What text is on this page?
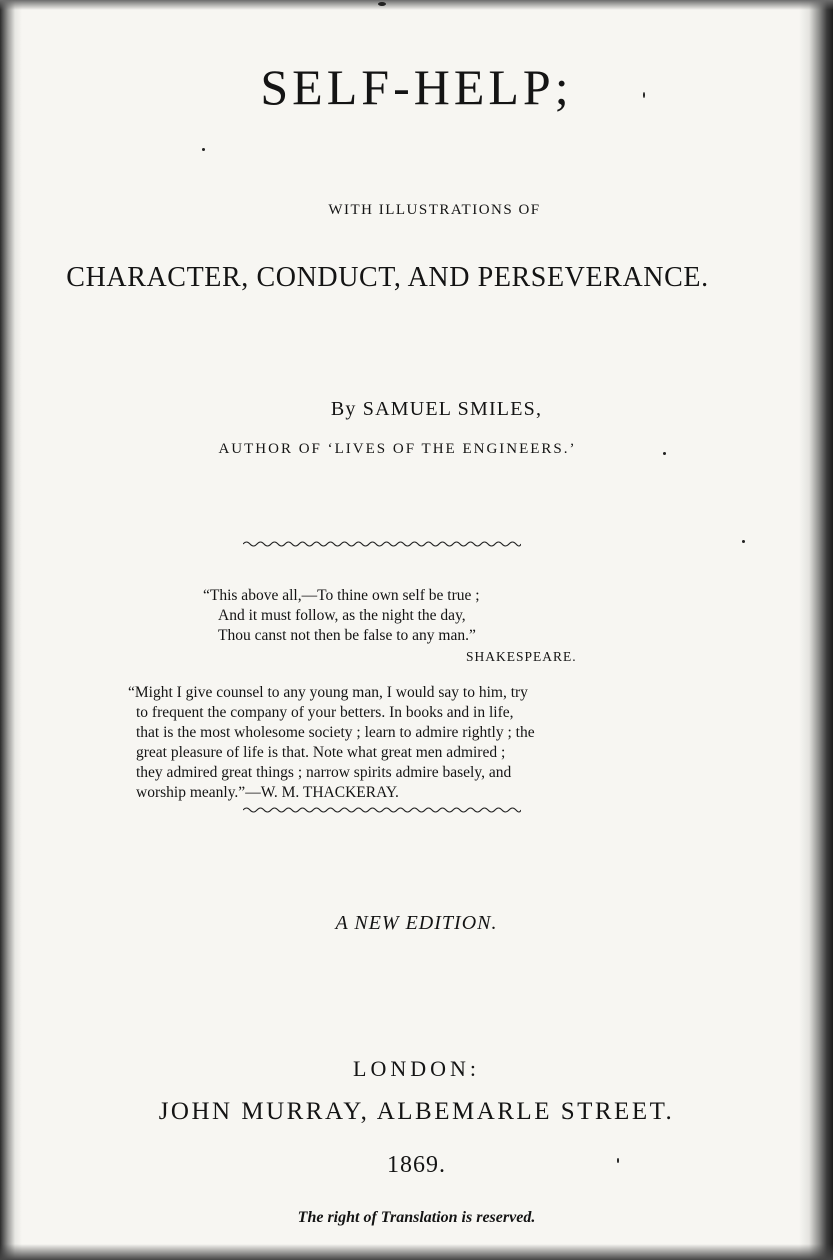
SELF-HELP;

WITH ILLUSTRATIONS OF

CHARACTER, CONDUCT, AND PERSEVERANCE.

By SAMUEL SMILES,

AUTHOR OF ‘LIVES OF THE ENGINEERS.’

“This above all,—To thine own self be true ;

And it must follow, as the night the day,

Thou canst not then be false to any man.”

SHAKESPEARE.

“Might I give counsel to any young man, I would say to him, try

to frequent the company of your betters. In books and in life,

that is the most wholesome society ; learn to admire rightly ; the

great pleasure of life is that. Note what great men admired ;

they admired great things ; narrow spirits admire basely, and

worship meanly.”—W. M. THACKERAY.

A NEW EDITION.

LONDON:

JOHN MURRAY, ALBEMARLE STREET.

1869.

The right of Translation is reserved.
